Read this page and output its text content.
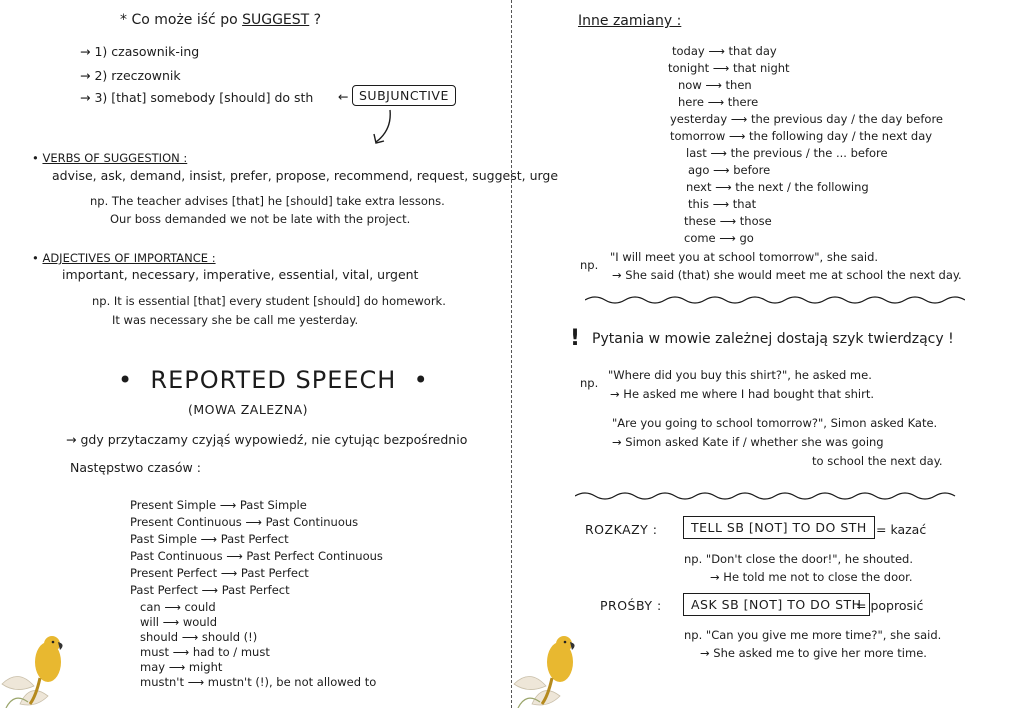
* Co może iść po SUGGEST ?
→ 1) czasownik-ing
→ 2) rzeczownik
→ 3) [that] somebody [should] do sth ← SUBJUNCTIVE
• VERBS OF SUGGESTION :
advise, ask, demand, insist, prefer, propose, recommend, request, suggest, urge
np. The teacher advises [that] he [should] take extra lessons.
Our boss demanded we not be late with the project.
• ADJECTIVES OF IMPORTANCE :
important, necessary, imperative, essential, vital, urgent
np. It is essential [that] every student [should] do homework.
It was necessary she be call me yesterday.
•  REPORTED SPEECH  •
(MOWA ZALEZNA)
→ gdy przytaczamy czyjąś wypowiedź, nie cytując bezpośrednio
Następstwo czasów :
Present Simple ⟶ Past Simple
Present Continuous ⟶ Past Continuous
Past Simple ⟶ Past Perfect
Past Continuous ⟶ Past Perfect Continuous
Present Perfect ⟶ Past Perfect
Past Perfect ⟶ Past Perfect
can ⟶ could
will ⟶ would
should ⟶ should (!)
must ⟶ had to / must
may ⟶ might
mustn't ⟶ mustn't (!), be not allowed to
Inne zamiany :
today ⟶ that day
tonight ⟶ that night
now ⟶ then
here ⟶ there
yesterday ⟶ the previous day / the day before
tomorrow ⟶ the following day / the next day
last ⟶ the previous / the ... before
ago ⟶ before
next ⟶ the next / the following
this ⟶ that
these ⟶ those
come ⟶ go
np.
"I will meet you at school tomorrow", she said.
→ She said (that) she would meet me at school the next day.
! Pytania w mowie zależnej dostają szyk twierdzący !
np.
"Where did you buy this shirt?", he asked me.
→ He asked me where I had bought that shirt.
"Are you going to school tomorrow?", Simon asked Kate.
→ Simon asked Kate if / whether she was going
to school the next day.
ROZKAZY :	TELL SB [NOT] TO DO STH = kazać
np. "Don't close the door!", he shouted.
→ He told me not to close the door.
PROŚBY :	ASK SB [NOT] TO DO STH
= poprosić
np. "Can you give me more time?", she said.
→ She asked me to give her more time.
